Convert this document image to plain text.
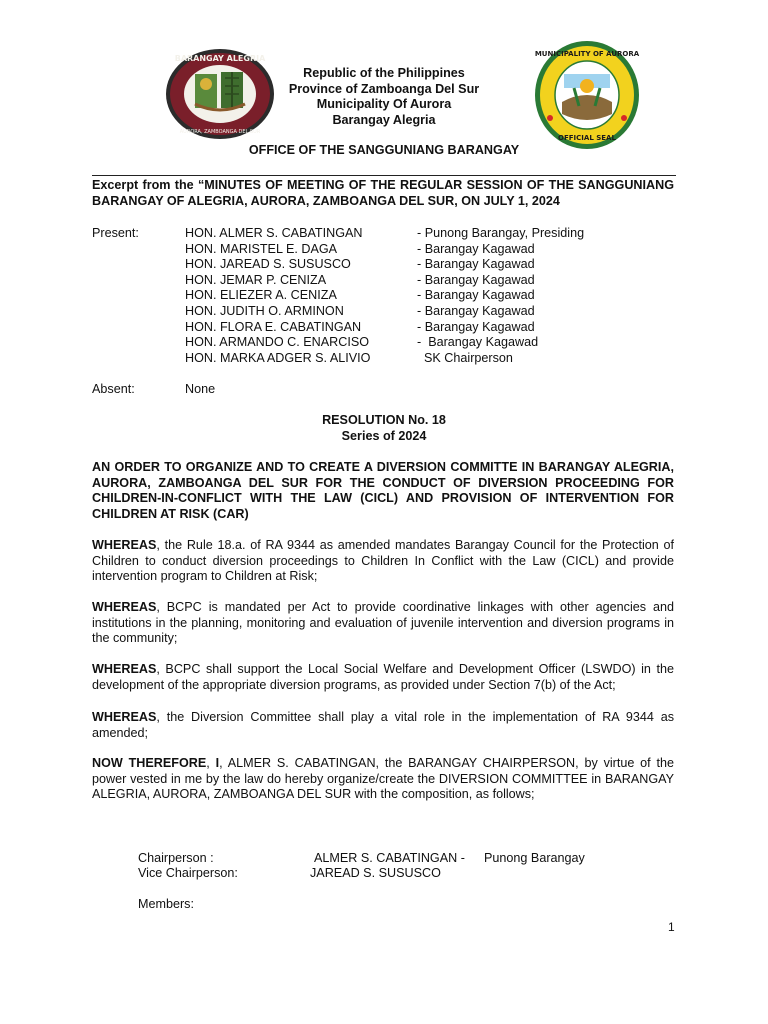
BARANGAY ALEGRIA
AURORA, ZAMBOANGA DEL SUR
MUNICIPALITY OF AURORA
OFFICIAL SEAL
Republic of the Philippines
Province of Zamboanga Del Sur
Municipality Of Aurora
Barangay Alegria
OFFICE OF THE SANGGUNIANG BARANGAY
Excerpt from the “MINUTES OF MEETING OF THE REGULAR SESSION OF THE SANGGUNIANG BARANGAY OF ALEGRIA, AURORA, ZAMBOANGA DEL SUR, ON JULY 1, 2024
Present:	HON. ALMER S. CABATINGAN	- Punong Barangay, Presiding
HON. MARISTEL E. DAGA	- Barangay Kagawad
HON. JAREAD S. SUSUSCO	- Barangay Kagawad
HON. JEMAR P. CENIZA	- Barangay Kagawad
HON. ELIEZER A. CENIZA	- Barangay Kagawad
HON. JUDITH O. ARMINON	- Barangay Kagawad
HON. FLORA E. CABATINGAN	- Barangay Kagawad
HON. ARMANDO C. ENARCISO	-  Barangay Kagawad
HON. MARKA ADGER S. ALIVIO	SK Chairperson
Absent:	None
RESOLUTION No. 18
Series of 2024
AN ORDER TO ORGANIZE AND TO CREATE A DIVERSION COMMITTE IN BARANGAY ALEGRIA, AURORA, ZAMBOANGA DEL SUR FOR THE CONDUCT OF DIVERSION PROCEEDING FOR CHILDREN-IN-CONFLICT WITH THE LAW (CICL) AND PROVISION OF INTERVENTION FOR CHILDREN AT RISK (CAR)
WHEREAS, the Rule 18.a. of RA 9344 as amended mandates Barangay Council for the Protection of Children to conduct diversion proceedings to Children In Conflict with the Law (CICL) and provide intervention program to Children at Risk;
WHEREAS, BCPC is mandated per Act to provide coordinative linkages with other agencies and institutions in the planning, monitoring and evaluation of juvenile intervention and diversion programs in the community;
WHEREAS, BCPC shall support the Local Social Welfare and Development Officer (LSWDO) in the development of the appropriate diversion programs, as provided under Section 7(b) of the Act;
WHEREAS, the Diversion Committee shall play a vital role in the implementation of RA 9344 as amended;
NOW THEREFORE, I, ALMER S. CABATINGAN, the BARANGAY CHAIRPERSON, by virtue of the power vested in me by the law do hereby organize/create the DIVERSION COMMITTEE in BARANGAY ALEGRIA, AURORA, ZAMBOANGA DEL SUR with the composition, as follows;
Chairperson :	ALMER S. CABATINGAN - Punong Barangay
Vice Chairperson:	JAREAD S. SUSUSCO
Members:
1
